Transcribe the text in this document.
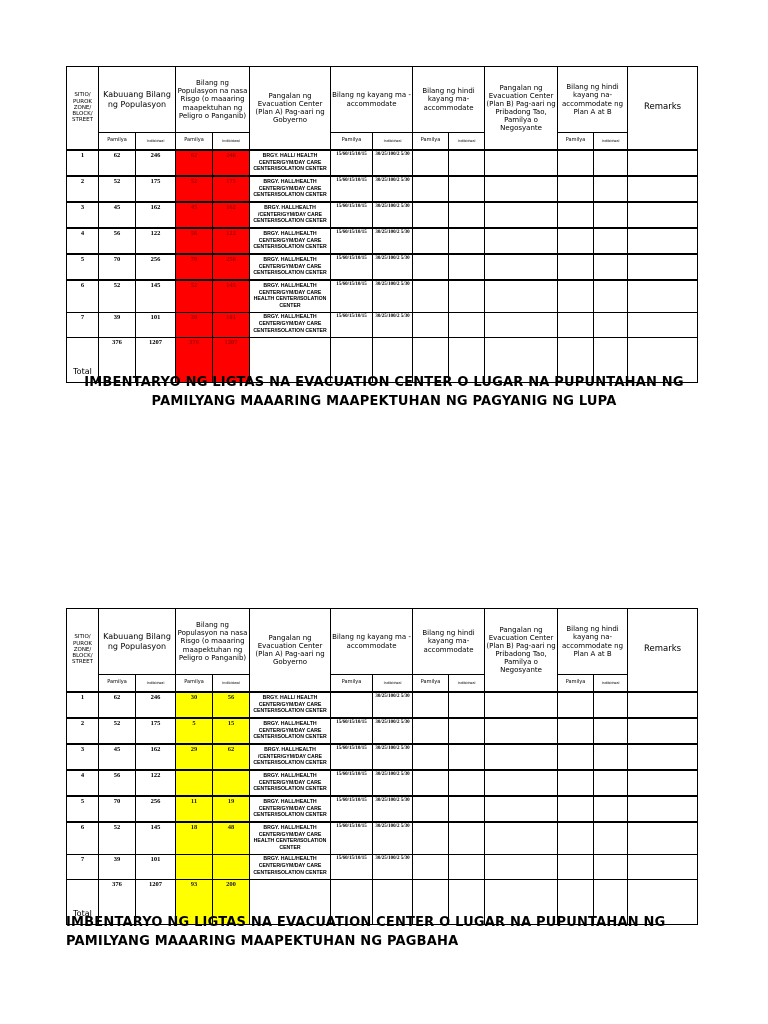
SITIO/ PUROK ZONE/ BLOCK/ STREET	Kabuuang Bilang ng Populasyon		Bilang ng Populasyon na nasa Risgo (o maaaring maapektuhan ng Peligro o Panganib)		Pangalan ng Evacuation Center (Plan A) Pag-aari ng Gobyerno	Bilang ng kayang ma -accommodate		Bilang ng hindi kayang ma-accommodate		Pangalan ng Evacuation Center (Plan B) Pag-aari ng Pribadong Tao, Pamilya o Negosyante	Bilang ng hindi kayang na-accommodate ng Plan A at B		Remarks
	Pamilya	Indibidwal	Pamilya	Indibidwal		Pamilya	Indibidwal	Pamilya	Indibidwal		Pamilya	Indibidwal	
1	62	246	62	246	BRGY. HALL/ HEALTH CENTER/GYM/DAY CARE CENTER/ISOLATION CENTER	15/60/15/10/15	30/25/100/2 5/30						
2	52	175	52	175	BRGY. HALL/HEALTH CENTER/GYM/DAY CARE CENTER/ISOLATION CENTER	15/60/15/10/15	30/25/100/2 5/30						
3	45	162	45	162	BRGY. HALLHEALTH /CENTER/GYM/DAY CARE CENTER/ISOLATION CENTER	15/60/15/10/15	30/25/100/2 5/30						
4	56	122	56	122	BRGY. HALL/HEALTH CENTER/GYM/DAY CARE CENTER/ISOLATION CENTER	15/60/15/10/15	30/25/100/2 5/30						
5	70	256	70	256	BRGY. HALL/HEALTH CENTER/GYM/DAY CARE CENTER/ISOLATION CENTER	15/60/15/10/15	30/25/100/2 5/30						
6	52	145	52	145	BRGY. HALL/HEALTH CENTER/GYM/DAY CARE HEALTH CENTER/ISOLATION CENTER	15/60/15/10/15	30/25/100/2 5/30						
7	39	101	39	101	BRGY. HALL/HEALTH CENTER/GYM/DAY CARE CENTER/ISOLATION CENTER	15/60/15/10/15	30/25/100/2 5/30						
Total	376	1207	376	1207									
IMBENTARYO NG LIGTAS NA EVACUATION CENTER O LUGAR NA PUPUNTAHAN NG
PAMILYANG MAAARING MAAPEKTUHAN NG PAGYANIG NG LUPA
SITIO/ PUROK ZONE/ BLOCK/ STREET	Kabuuang Bilang ng Populasyon		Bilang ng Populasyon na nasa Risgo (o maaaring maapektuhan ng Peligro o Panganib)		Pangalan ng Evacuation Center (Plan A) Pag-aari ng Gobyerno	Bilang ng kayang ma -accommodate		Bilang ng hindi kayang ma-accommodate		Pangalan ng Evacuation Center (Plan B) Pag-aari ng Pribadong Tao, Pamilya o Negosyante	Bilang ng hindi kayang na-accommodate ng Plan A at B		Remarks
	Pamilya	Indibidwal	Pamilya	Indibidwal		Pamilya	Indibidwal	Pamilya	Indibidwal		Pamilya	Indibidwal	
1	62	246	30	56	BRGY. HALL/ HEALTH CENTER/GYM/DAY CARE CENTER/ISOLATION CENTER		30/25/100/2 5/30						
2	52	175	5	15	BRGY. HALL/HEALTH CENTER/GYM/DAY CARE CENTER/ISOLATION CENTER	15/60/15/10/15	30/25/100/2 5/30						
3	45	162	29	62	BRGY. HALLHEALTH /CENTER/GYM/DAY CARE CENTER/ISOLATION CENTER	15/60/15/10/15	30/25/100/2 5/30						
4	56	122			BRGY. HALL/HEALTH CENTER/GYM/DAY CARE CENTER/ISOLATION CENTER	15/60/15/10/15	30/25/100/2 5/30						
5	70	256	11	19	BRGY. HALL/HEALTH CENTER/GYM/DAY CARE CENTER/ISOLATION CENTER	15/60/15/10/15	30/25/100/2 5/30						
6	52	145	18	48	BRGY. HALL/HEALTH CENTER/GYM/DAY CARE HEALTH CENTER/ISOLATION CENTER	15/60/15/10/15	30/25/100/2 5/30						
7	39	101			BRGY. HALL/HEALTH CENTER/GYM/DAY CARE CENTER/ISOLATION CENTER	15/60/15/10/15	30/25/100/2 5/30						
Total	376	1207	93	200									
IMBENTARYO NG LIGTAS NA EVACUATION CENTER O LUGAR NA PUPUNTAHAN NG
PAMILYANG MAAARING MAAPEKTUHAN NG PAGBAHA
